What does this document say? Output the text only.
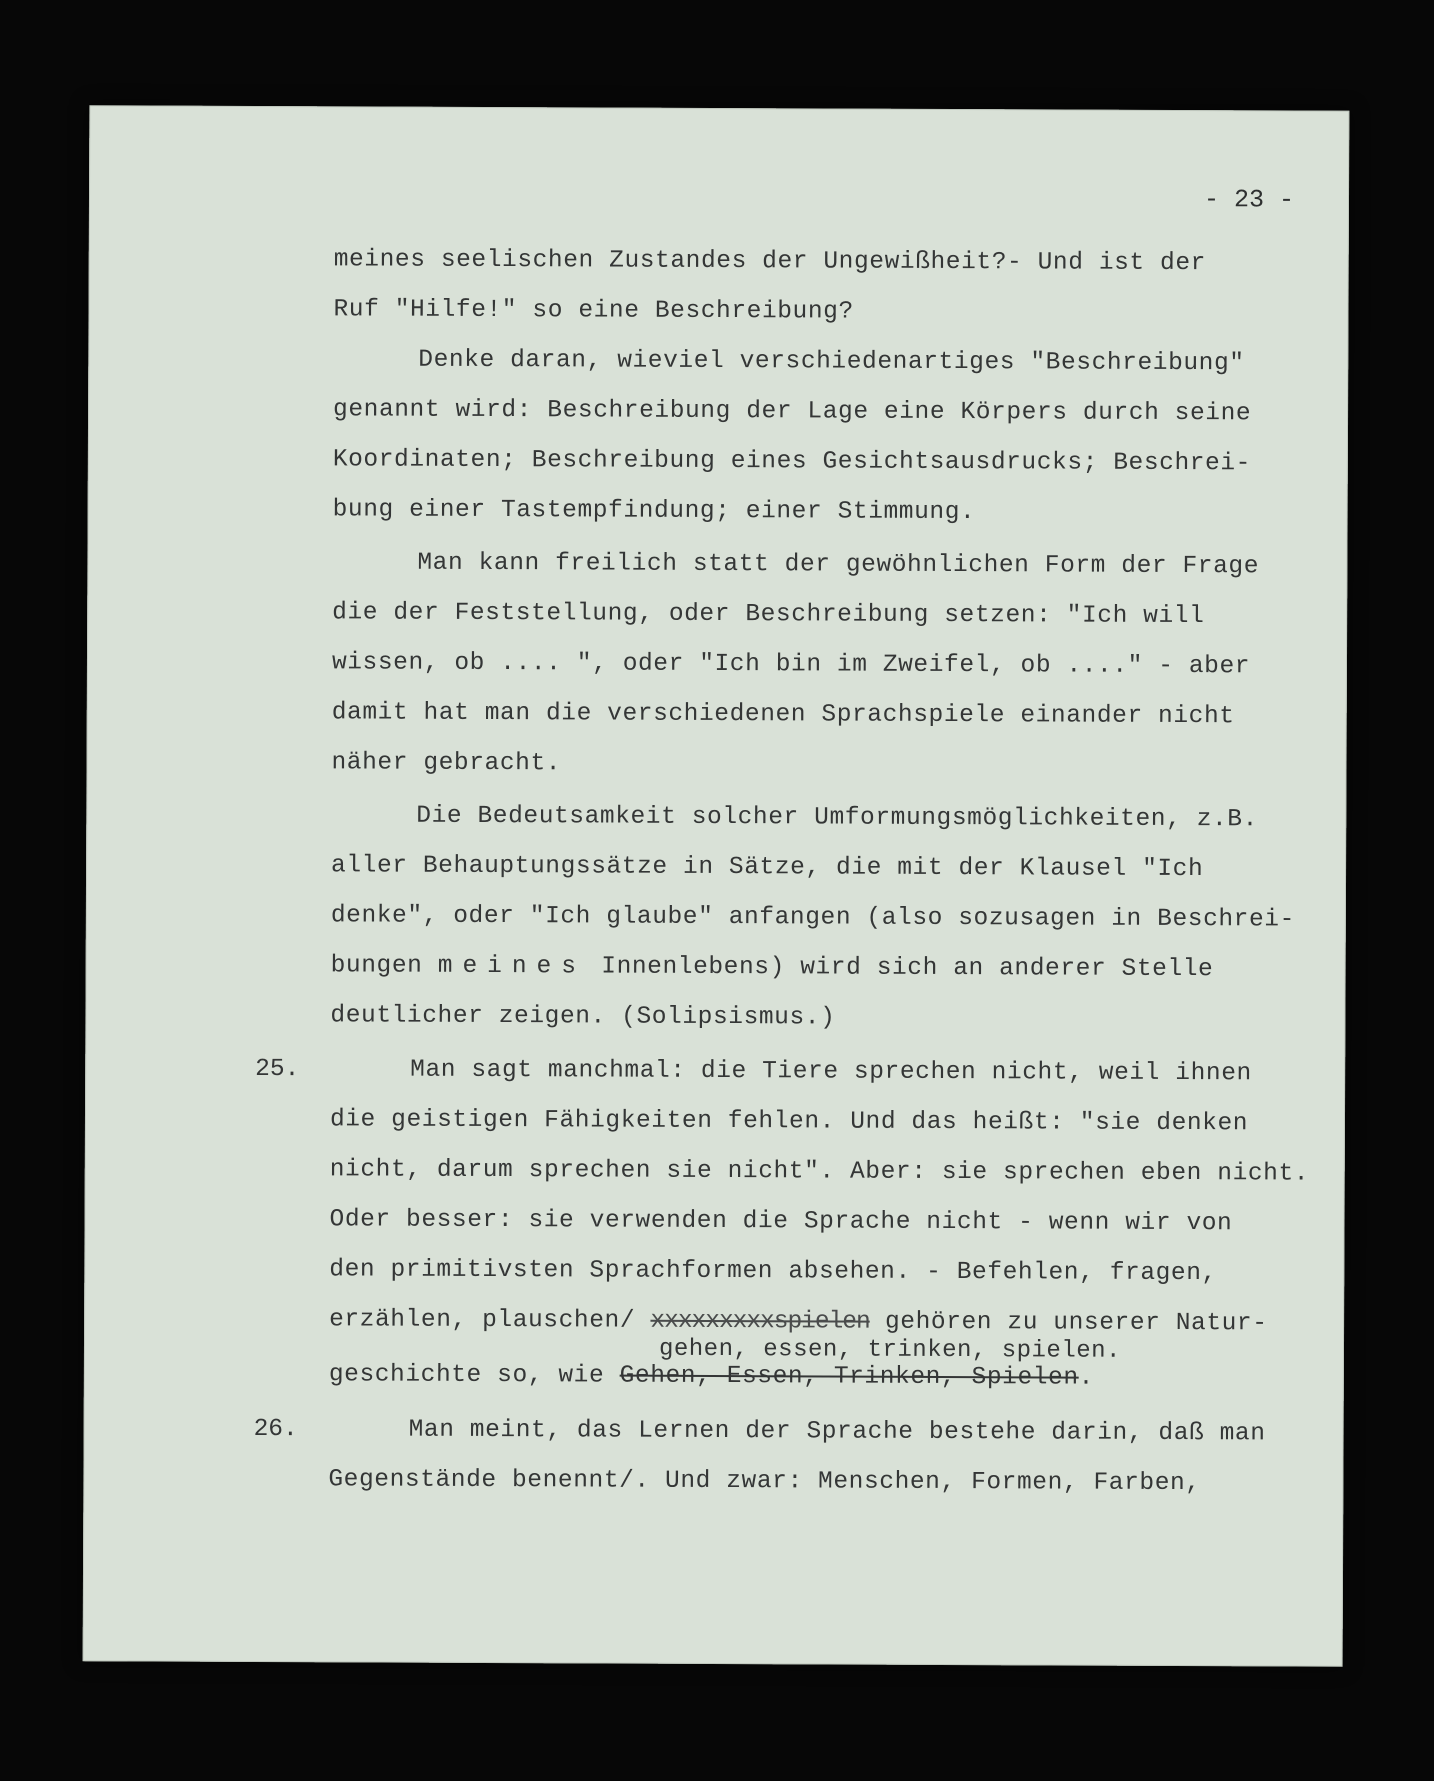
- 23 -
meines seelischen Zustandes der Ungewißheit?- Und ist der
Ruf "Hilfe!" so eine Beschreibung?
Denke daran, wieviel verschiedenartiges "Beschreibung"
genannt wird: Beschreibung der Lage eine Körpers durch seine
Koordinaten; Beschreibung eines Gesichtsausdrucks; Beschrei-
bung einer Tastempfindung; einer Stimmung.
Man kann freilich statt der gewöhnlichen Form der Frage
die der Feststellung, oder Beschreibung setzen: "Ich will
wissen, ob .... ", oder "Ich bin im Zweifel, ob ...." - aber
damit hat man die verschiedenen Sprachspiele einander nicht
näher gebracht.
Die Bedeutsamkeit solcher Umformungsmöglichkeiten, z.B.
aller Behauptungssätze in Sätze, die mit der Klausel "Ich
denke", oder "Ich glaube" anfangen (also sozusagen in Beschrei-
bungen meines Innenlebens) wird sich an anderer Stelle
deutlicher zeigen. (Solipsismus.)
25.	Man sagt manchmal: die Tiere sprechen nicht, weil ihnen
die geistigen Fähigkeiten fehlen. Und das heißt: "sie denken
nicht, darum sprechen sie nicht". Aber: sie sprechen eben nicht.
Oder besser: sie verwenden die Sprache nicht - wenn wir von
den primitivsten Sprachformen absehen. - Befehlen, fragen,
erzählen, plauschen/ xxxxxxxxxspielen gehören zu unserer Natur-
gehen, essen, trinken, spielen.
geschichte so, wie Gehen, Essen, Trinken, Spielen.
26.	Man meint, das Lernen der Sprache bestehe darin, daß man
Gegenstände benennt/. Und zwar: Menschen, Formen, Farben,
